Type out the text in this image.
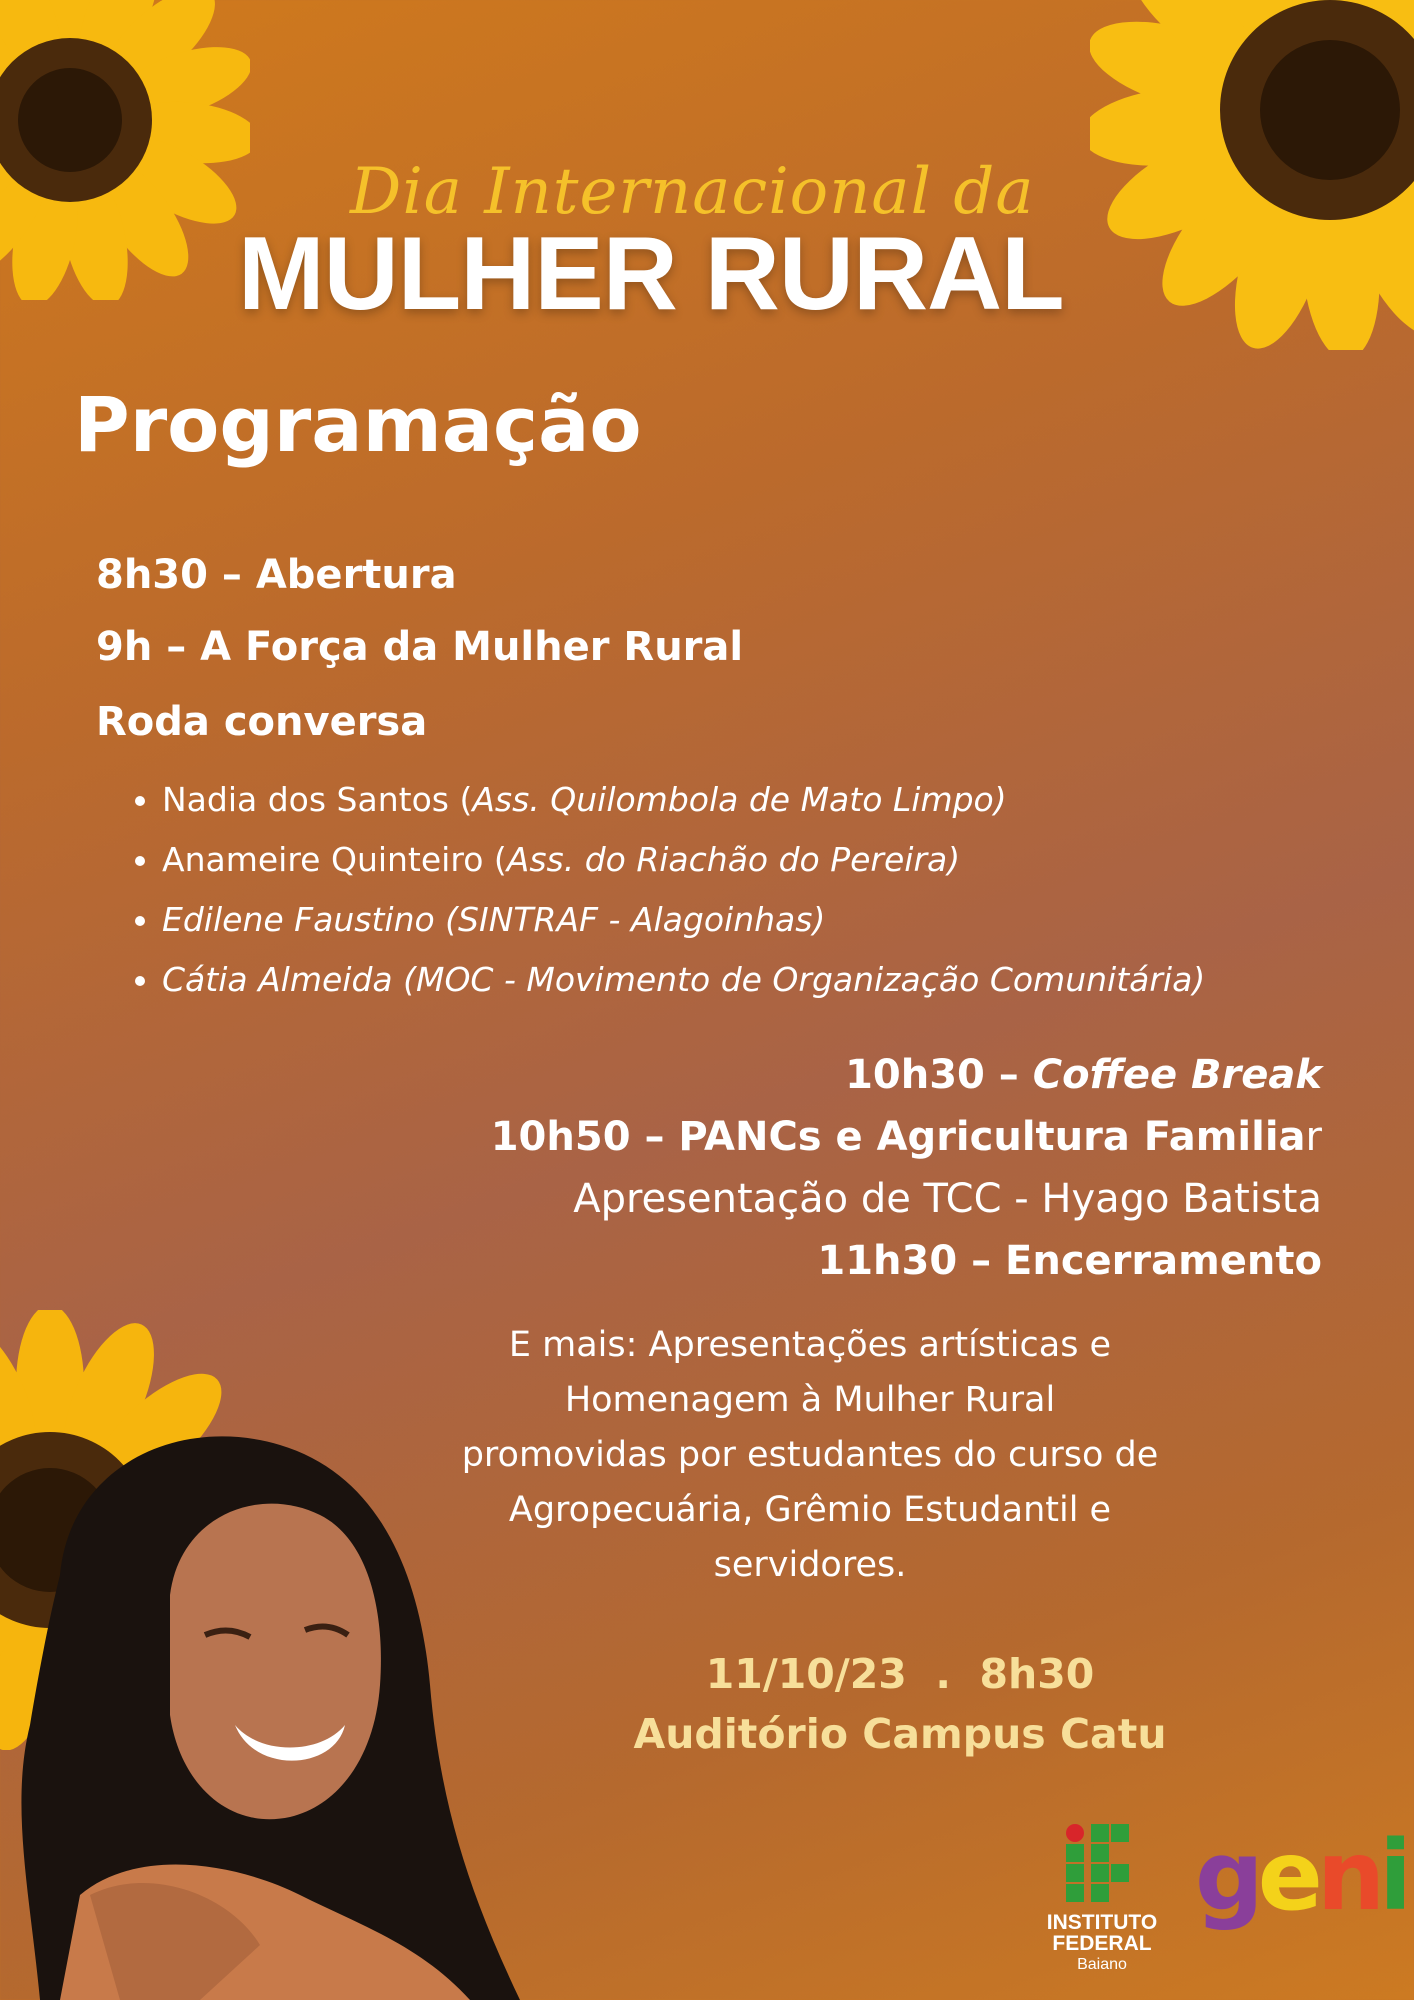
Dia Internacional da
MULHER RURAL
Programação
8h30 – Abertura
9h – A Força da Mulher Rural
Roda conversa
• Nadia dos Santos (Ass. Quilombola de Mato Limpo)
• Anameire Quinteiro (Ass. do Riachão do Pereira)
• Edilene Faustino (SINTRAF - Alagoinhas)
• Cátia Almeida (MOC - Movimento de Organização Comunitária)
10h30 – Coffee Break
10h50 – PANCs e Agricultura Familiar
Apresentação de TCC - Hyago Batista
11h30 – Encerramento
E mais: Apresentações artísticas e
Homenagem à Mulher Rural
promovidas por estudantes do curso de
Agropecuária, Grêmio Estudantil e
servidores.
11/10/23  .  8h30
Auditório Campus Catu
INSTITUTO
FEDERAL
Baiano
geni
